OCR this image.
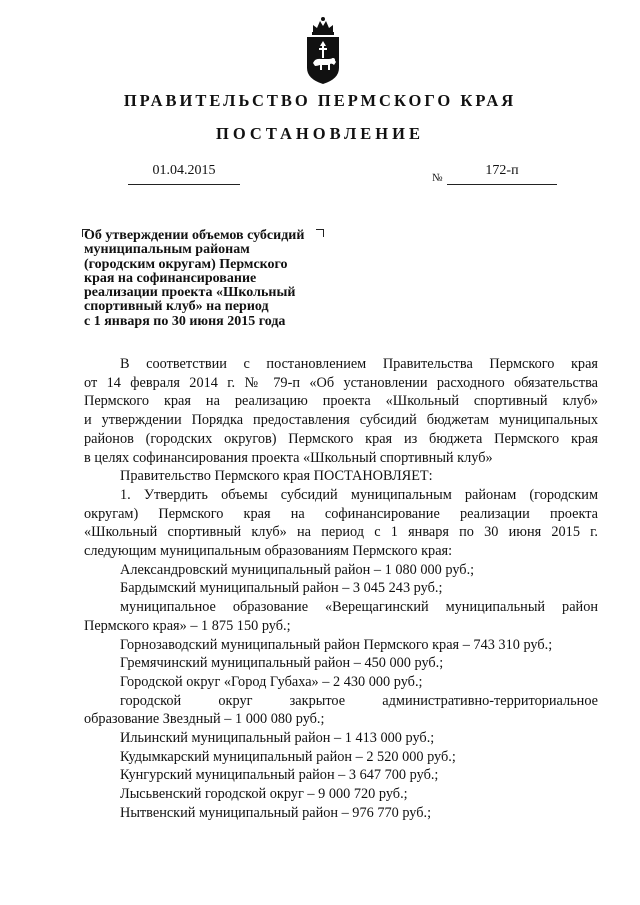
ПРАВИТЕЛЬСТВО ПЕРМСКОГО КРАЯ
ПОСТАНОВЛЕНИЕ
01.04.2015	№	172-п
Об утверждении объемов субсидий
муниципальным районам
(городским округам) Пермского
края на софинансирование
реализации проекта «Школьный
спортивный клуб» на период
с 1 января по 30 июня 2015 года

В соответствии с постановлением Правительства Пермского края
от 14 февраля 2014 г. № 79-п «Об установлении расходного обязательства
Пермского края на реализацию проекта «Школьный спортивный клуб»
и утверждении Порядка предоставления субсидий бюджетам муниципальных
районов (городских округов) Пермского края из бюджета Пермского края
в целях софинансирования проекта «Школьный спортивный клуб»

Правительство Пермского края ПОСТАНОВЛЯЕТ:

1. Утвердить объемы субсидий муниципальным районам (городским
округам) Пермского края на софинансирование реализации проекта
«Школьный спортивный клуб» на период с 1 января по 30 июня 2015 г.
следующим муниципальным образованиям Пермского края:

Александровский муниципальный район – 1 080 000 руб.;

Бардымский муниципальный район – 3 045 243 руб.;

муниципальное образование «Верещагинский муниципальный район
Пермского края» – 1 875 150 руб.;

Горнозаводский муниципальный район Пермского края – 743 310 руб.;

Гремячинский муниципальный район – 450 000 руб.;

Городской округ «Город Губаха» – 2 430 000 руб.;

городской округ закрытое административно-территориальное
образование Звездный – 1 000 080 руб.;

Ильинский муниципальный район – 1 413 000 руб.;

Кудымкарский муниципальный район – 2 520 000 руб.;

Кунгурский муниципальный район – 3 647 700 руб.;

Лысьвенский городской округ – 9 000 720 руб.;

Нытвенский муниципальный район – 976 770 руб.;
